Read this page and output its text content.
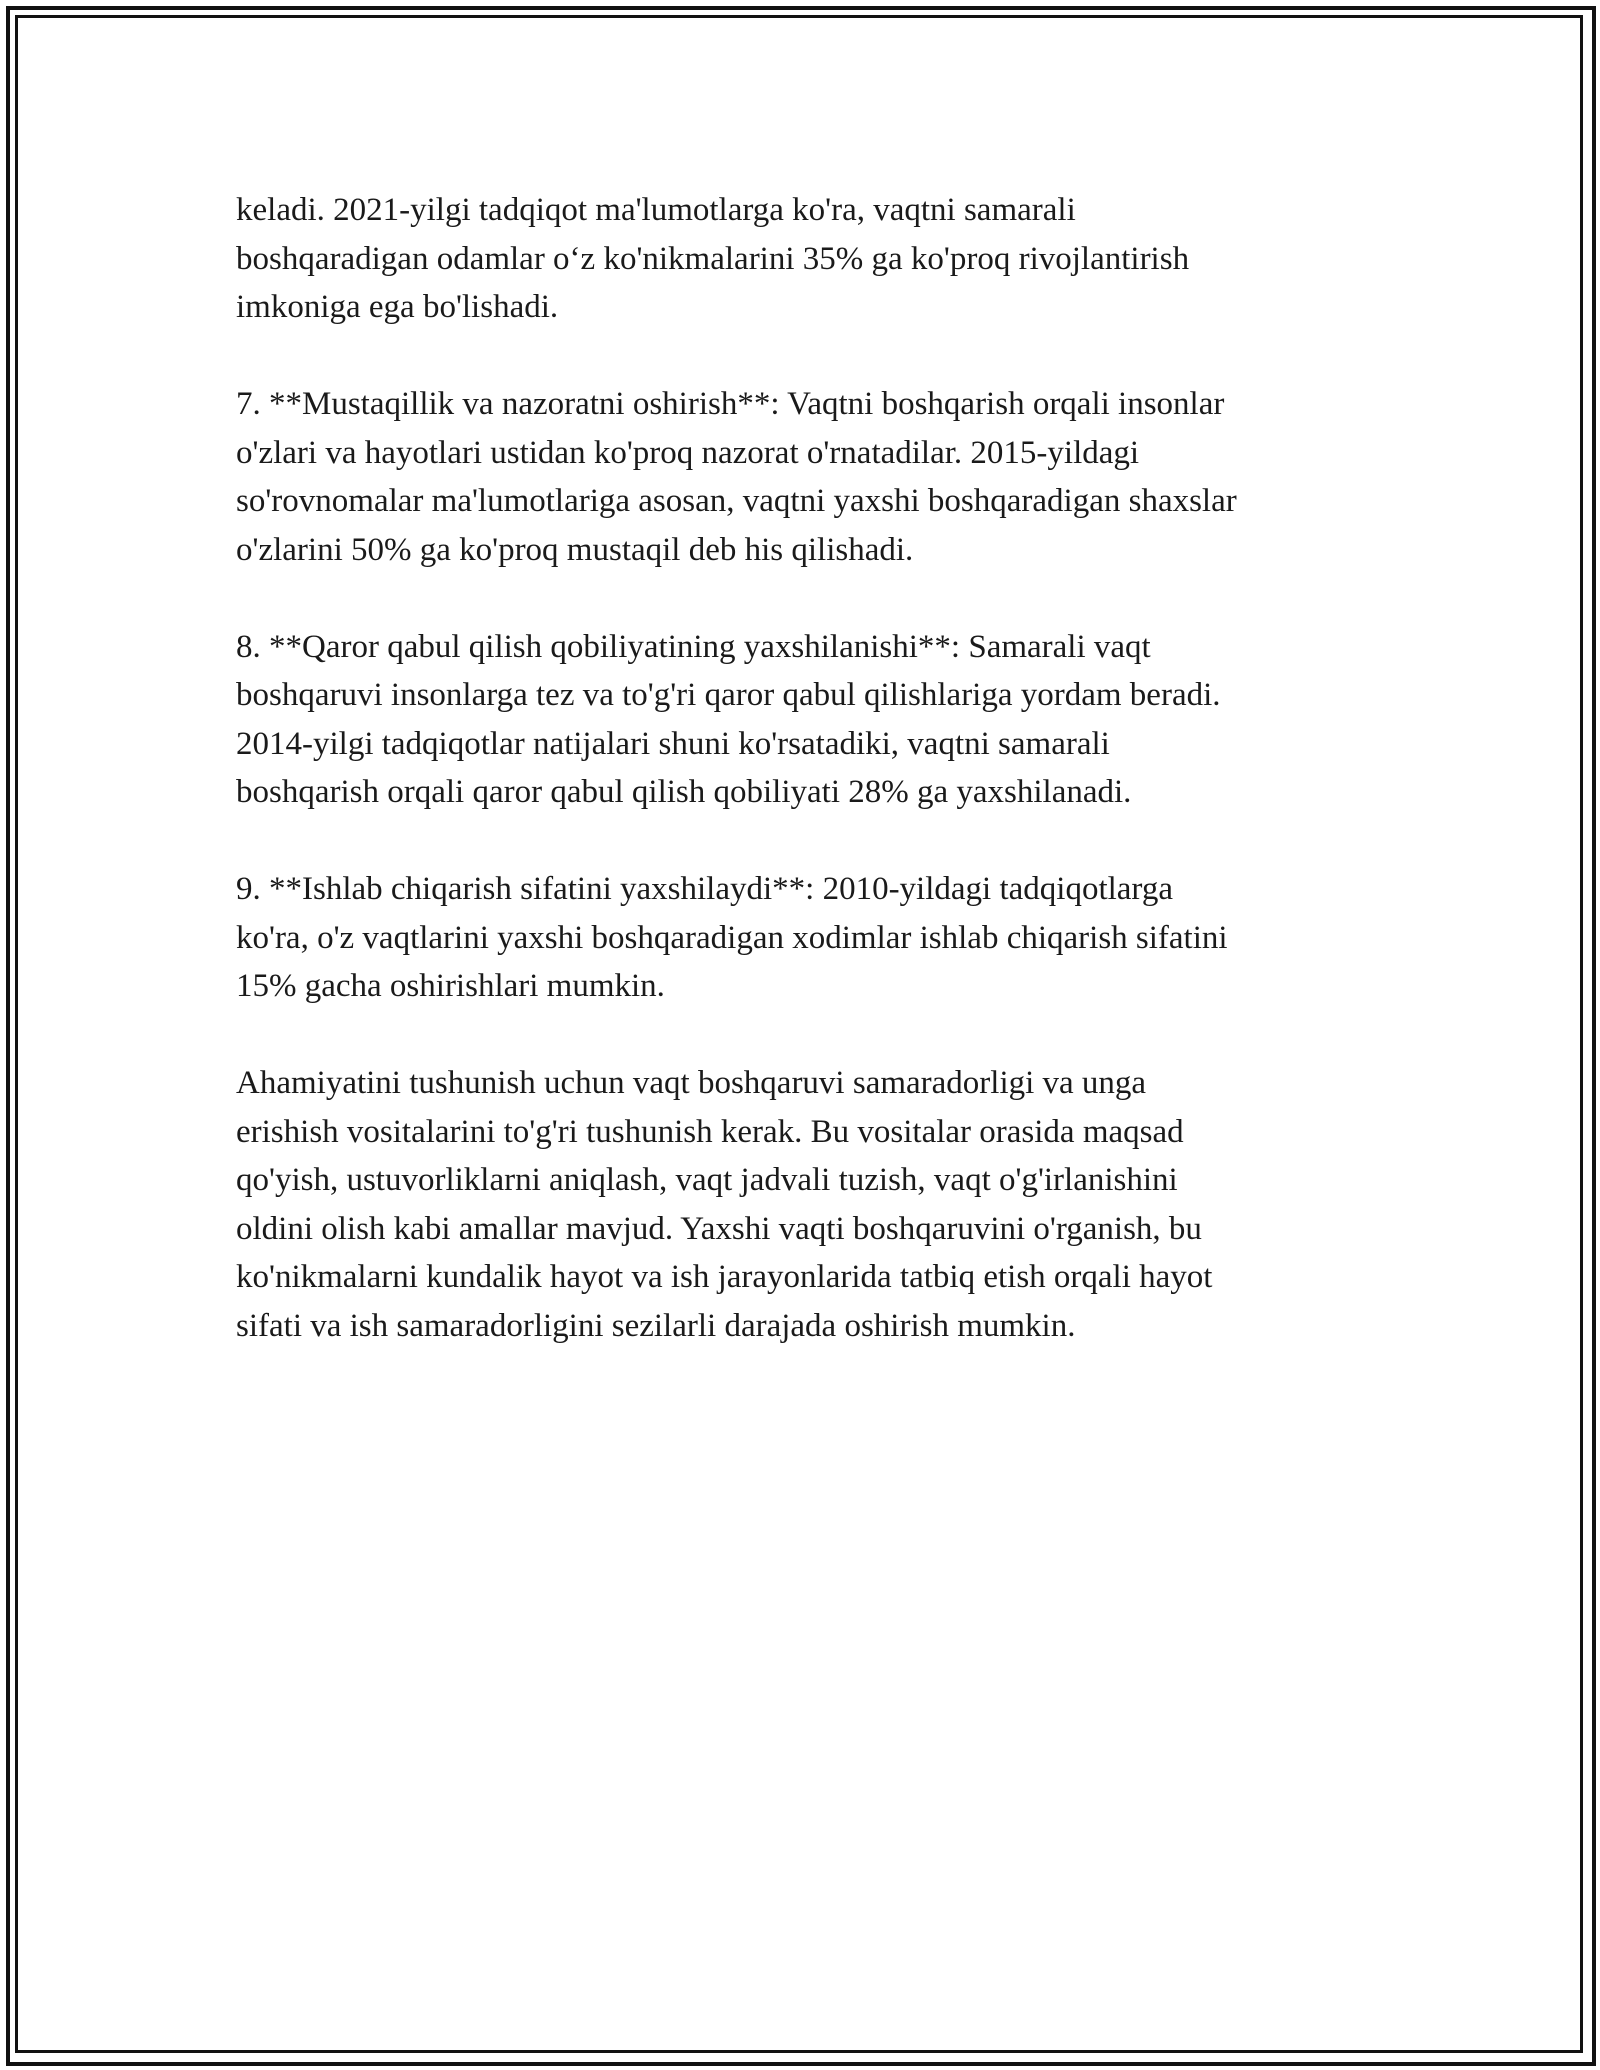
keladi. 2021-yilgi tadqiqot ma'lumotlarga ko'ra, vaqtni samarali
boshqaradigan odamlar o‘z ko'nikmalarini 35% ga ko'proq rivojlantirish
imkoniga ega bo'lishadi.

7. **Mustaqillik va nazoratni oshirish**: Vaqtni boshqarish orqali insonlar
o'zlari va hayotlari ustidan ko'proq nazorat o'rnatadilar. 2015-yildagi
so'rovnomalar ma'lumotlariga asosan, vaqtni yaxshi boshqaradigan shaxslar
o'zlarini 50% ga ko'proq mustaqil deb his qilishadi.

8. **Qaror qabul qilish qobiliyatining yaxshilanishi**: Samarali vaqt
boshqaruvi insonlarga tez va to'g'ri qaror qabul qilishlariga yordam beradi.
2014-yilgi tadqiqotlar natijalari shuni ko'rsatadiki, vaqtni samarali
boshqarish orqali qaror qabul qilish qobiliyati 28% ga yaxshilanadi.

9. **Ishlab chiqarish sifatini yaxshilaydi**: 2010-yildagi tadqiqotlarga
ko'ra, o'z vaqtlarini yaxshi boshqaradigan xodimlar ishlab chiqarish sifatini
15% gacha oshirishlari mumkin.

Ahamiyatini tushunish uchun vaqt boshqaruvi samaradorligi va unga
erishish vositalarini to'g'ri tushunish kerak. Bu vositalar orasida maqsad
qo'yish, ustuvorliklarni aniqlash, vaqt jadvali tuzish, vaqt o'g'irlanishini
oldini olish kabi amallar mavjud. Yaxshi vaqti boshqaruvini o'rganish, bu
ko'nikmalarni kundalik hayot va ish jarayonlarida tatbiq etish orqali hayot
sifati va ish samaradorligini sezilarli darajada oshirish mumkin.
